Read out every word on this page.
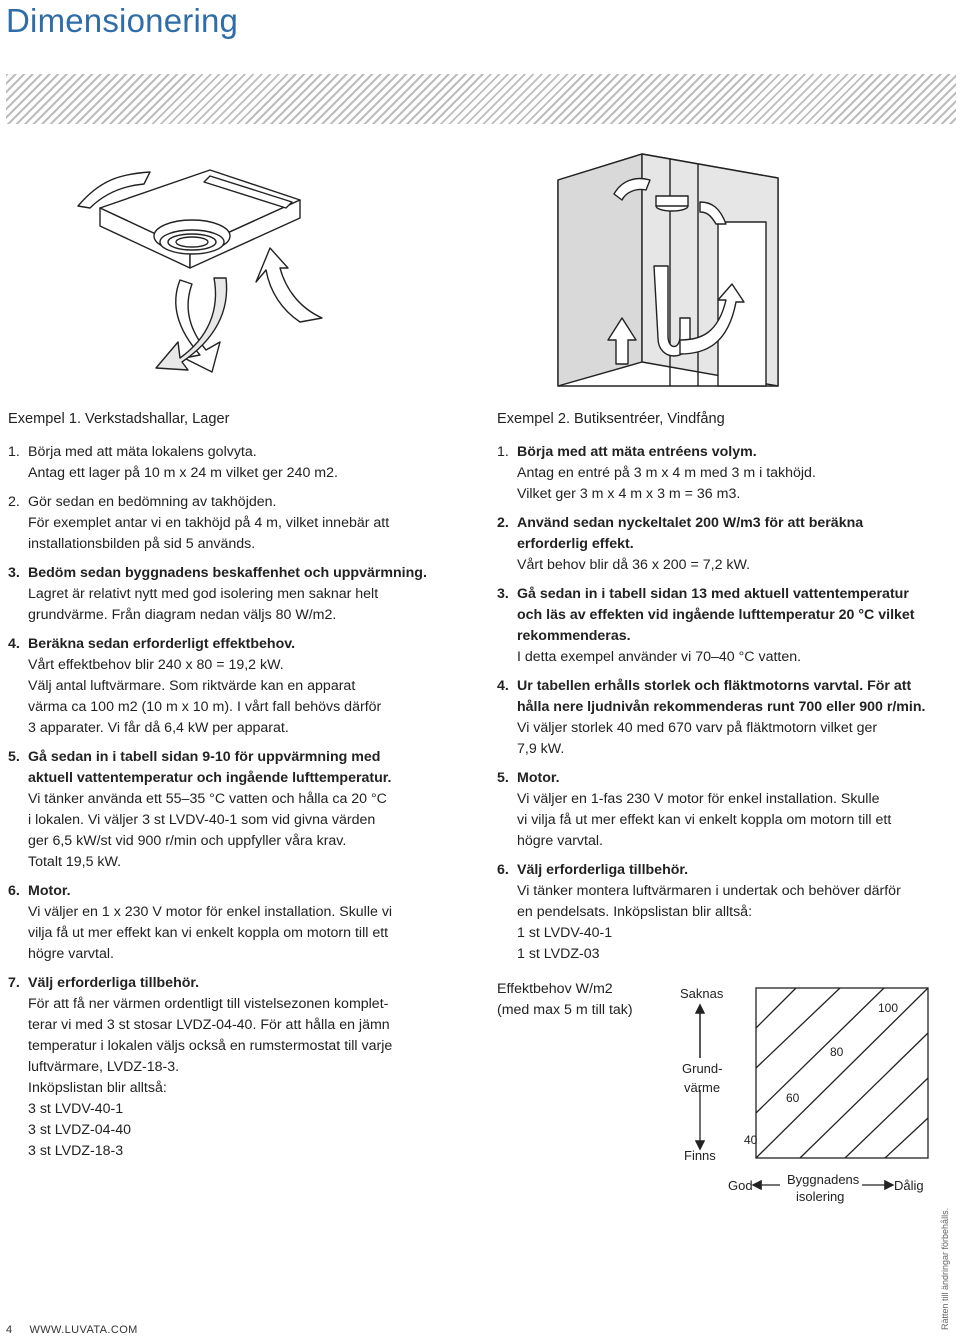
Dimensionering
Exempel 1. Verkstadshallar, Lager
1. Börja med att mäta lokalens golvyta.
Antag ett lager på 10 m x 24 m vilket ger 240 m2.
2. Gör sedan en bedömning av takhöjden.
För exemplet antar vi en takhöjd på 4 m, vilket innebär att
installationsbilden på sid 5 används.
3. Bedöm sedan byggnadens beskaffenhet och uppvärmning.
Lagret är relativt nytt med god isolering men saknar helt
grundvärme. Från diagram nedan väljs 80 W/m2.
4. Beräkna sedan erforderligt effektbehov.
Vårt effektbehov blir 240 x 80 = 19,2 kW.
Välj antal luftvärmare. Som riktvärde kan en apparat
värma ca 100 m2 (10 m x 10 m). I vårt fall behövs därför
3 apparater. Vi får då 6,4 kW per apparat.
5. Gå sedan in i tabell sidan 9-10 för uppvärmning med
aktuell vattentemperatur och ingående lufttemperatur.
Vi tänker använda ett 55–35 °C vatten och hålla ca 20 °C
i lokalen. Vi väljer 3 st LVDV-40-1 som vid givna värden
ger 6,5 kW/st vid 900 r/min och uppfyller våra krav.
Totalt 19,5 kW.
6. Motor.
Vi väljer en 1 x 230 V motor för enkel installation. Skulle vi
vilja få ut mer effekt kan vi enkelt koppla om motorn till ett
högre varvtal.
7. Välj erforderliga tillbehör.
För att få ner värmen ordentligt till vistelsezonen komplet-
terar vi med 3 st stosar LVDZ-04-40. För att hålla en jämn
temperatur i lokalen väljs också en rumstermostat till varje
luftvärmare, LVDZ-18-3.
Inköpslistan blir alltså:
3 st LVDV-40-1
3 st LVDZ-04-40
3 st LVDZ-18-3
Exempel 2. Butiksentréer, Vindfång
1. Börja med att mäta entréens volym.
Antag en entré på 3 m x 4 m med 3 m i takhöjd.
Vilket ger 3 m x 4 m x 3 m = 36 m3.
2. Använd sedan nyckeltalet 200 W/m3 för att beräkna
erforderlig effekt.
Vårt behov blir då 36 x 200 = 7,2 kW.
3. Gå sedan in i tabell sidan 13 med aktuell vattentemperatur
och läs av effekten vid ingående lufttemperatur 20 °C vilket
rekommenderas.
I detta exempel använder vi 70–40 °C vatten.
4. Ur tabellen erhålls storlek och fläktmotorns varvtal. För att
hålla nere ljudnivån rekommenderas runt 700 eller 900 r/min.
Vi väljer storlek 40 med 670 varv på fläktmotorn vilket ger
7,9 kW.
5. Motor.
Vi väljer en 1-fas 230 V motor för enkel installation. Skulle
vi vilja få ut mer effekt kan vi enkelt koppla om motorn till ett
högre varvtal.
6. Välj erforderliga tillbehör.
Vi tänker montera luftvärmaren i undertak och behöver därför
en pendelsats. Inköpslistan blir alltså:
1 st LVDV-40-1
1 st LVDZ-03
Effektbehov W/m2
(med max 5 m till tak)
Saknas
Grund-
värme
Finns
100
80
60
40
God	Byggnadens
isolering
Dålig
4 WWW.LUVATA.COM	Rätten till ändringar förbehålls.
